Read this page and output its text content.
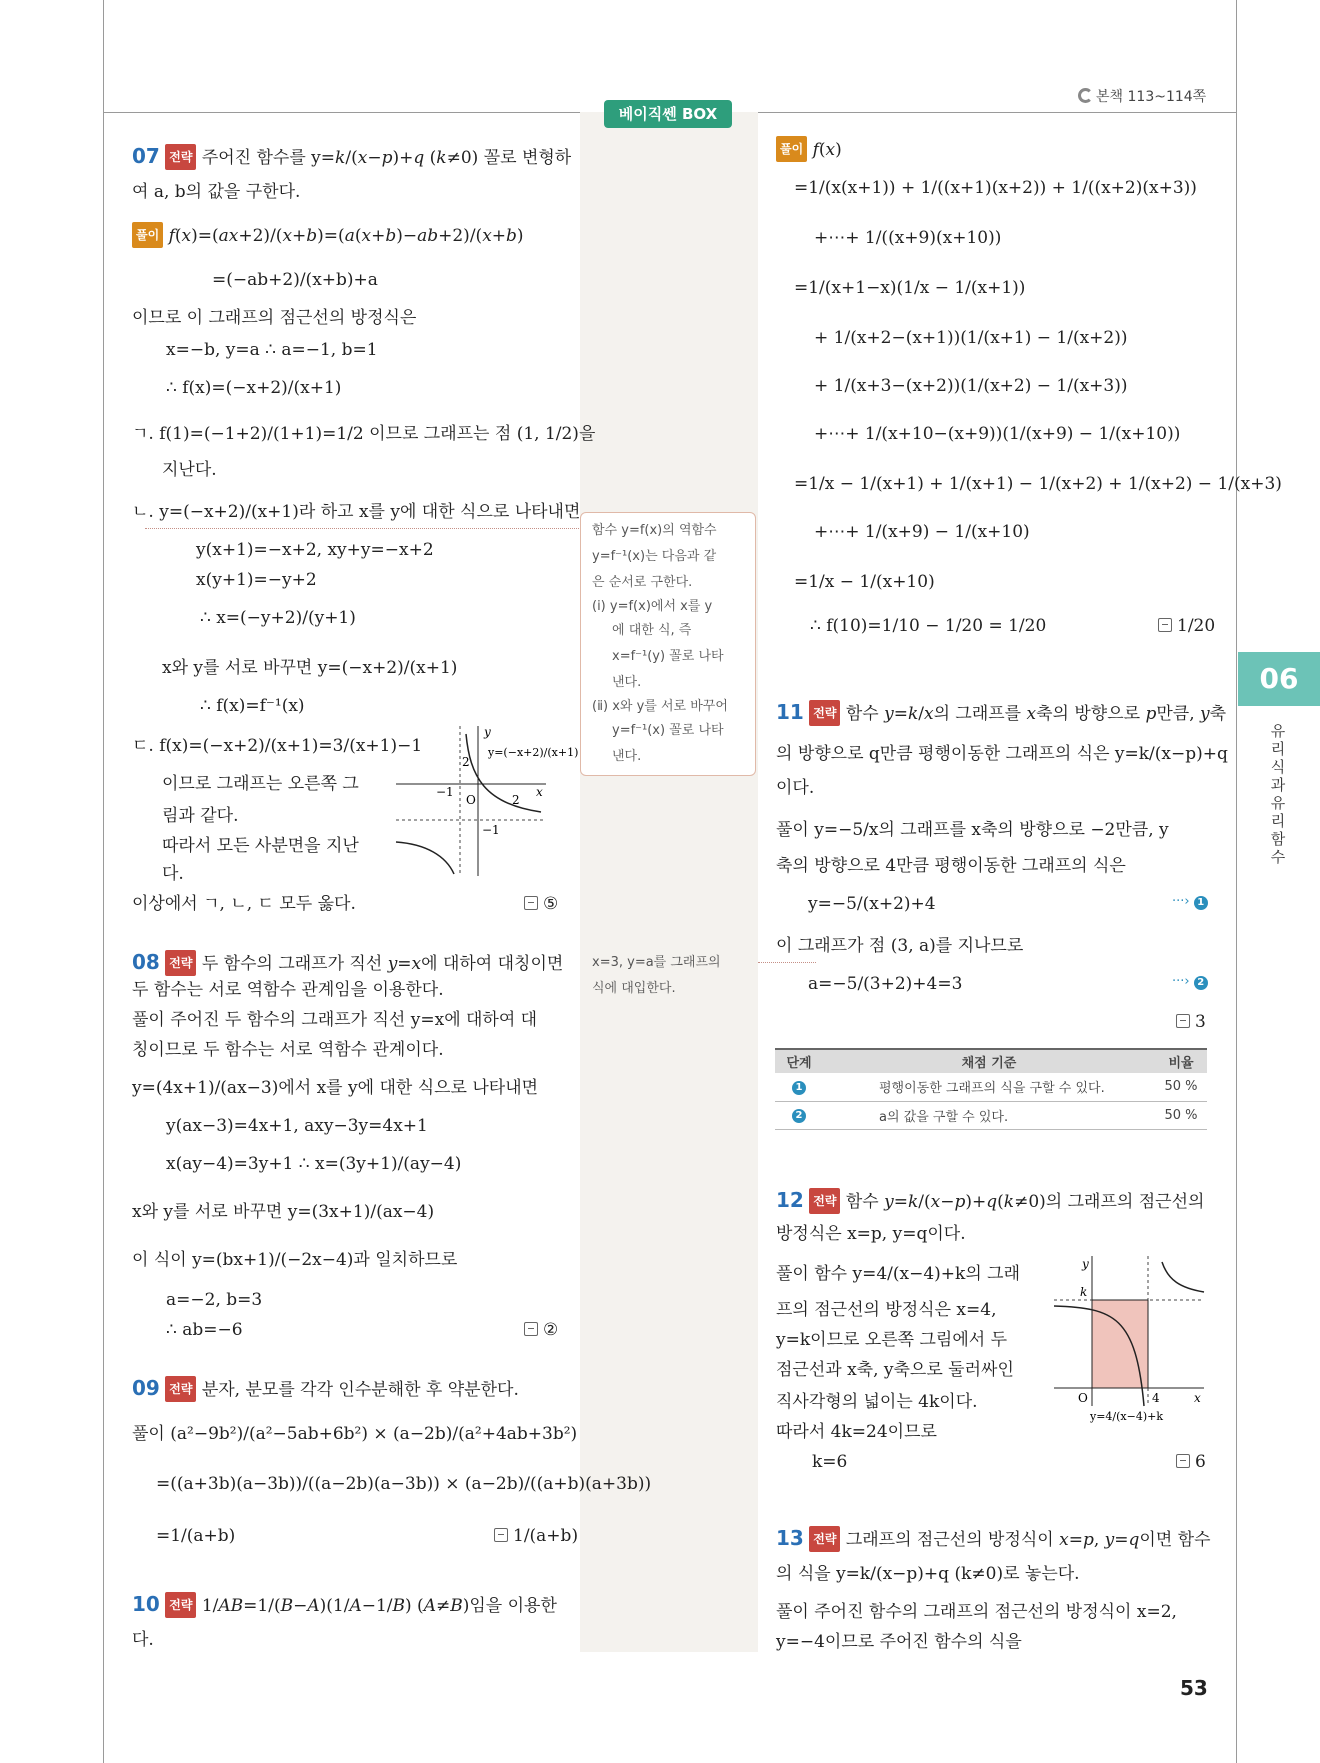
본책 113~114쪽
베이직쎈 BOX
07 전략 주어진 함수를 y=k/(x−p)+q (k≠0) 꼴로 변형하
여 a, b의 값을 구한다.
풀이 f(x)=(ax+2)/(x+b)=(a(x+b)−ab+2)/(x+b)
=(−ab+2)/(x+b)+a
이므로 이 그래프의 점근선의 방정식은
x=−b, y=a ∴ a=−1, b=1
∴ f(x)=(−x+2)/(x+1)
ㄱ. f(1)=(−1+2)/(1+1)=1/2 이므로 그래프는 점 (1, 1/2)을
지난다.
ㄴ. y=(−x+2)/(x+1)라 하고 x를 y에 대한 식으로 나타내면
y(x+1)=−x+2, xy+y=−x+2
x(y+1)=−y+2
∴ x=(−y+2)/(y+1)
x와 y를 서로 바꾸면 y=(−x+2)/(x+1)
∴ f(x)=f⁻¹(x)
ㄷ. f(x)=(−x+2)/(x+1)=3/(x+1)−1
이므로 그래프는 오른쪽 그
림과 같다.
따라서 모든 사분면을 지난
다.
이상에서 ㄱ, ㄴ, ㄷ 모두 옳다.	⑤
y
x
2
−1
O	2
−1
y=(−x+2)/(x+1)
08 전략 두 함수의 그래프가 직선 y=x에 대하여 대칭이면
두 함수는 서로 역함수 관계임을 이용한다.
풀이 주어진 두 함수의 그래프가 직선 y=x에 대하여 대
칭이므로 두 함수는 서로 역함수 관계이다.
y=(4x+1)/(ax−3)에서 x를 y에 대한 식으로 나타내면
y(ax−3)=4x+1, axy−3y=4x+1
x(ay−4)=3y+1 ∴ x=(3y+1)/(ay−4)
x와 y를 서로 바꾸면 y=(3x+1)/(ax−4)
이 식이 y=(bx+1)/(−2x−4)과 일치하므로
a=−2, b=3
∴ ab=−6	②
09 전략 분자, 분모를 각각 인수분해한 후 약분한다.
풀이 (a²−9b²)/(a²−5ab+6b²) × (a−2b)/(a²+4ab+3b²)
=((a+3b)(a−3b))/((a−2b)(a−3b)) × (a−2b)/((a+b)(a+3b))
=1/(a+b)	1/(a+b)
10 전략 1/AB=1/(B−A)(1/A−1/B) (A≠B)임을 이용한
다.
함수 y=f(x)의 역함수
y=f⁻¹(x)는 다음과 같
은 순서로 구한다.
(ⅰ) y=f(x)에서 x를 y
에 대한 식, 즉
x=f⁻¹(y) 꼴로 나타
낸다.
(ⅱ) x와 y를 서로 바꾸어
y=f⁻¹(x) 꼴로 나타
낸다.
x=3, y=a를 그래프의
식에 대입한다.
풀이 f(x)
=1/(x(x+1)) + 1/((x+1)(x+2)) + 1/((x+2)(x+3))
+⋯+ 1/((x+9)(x+10))
=1/(x+1−x)(1/x − 1/(x+1))
+ 1/(x+2−(x+1))(1/(x+1) − 1/(x+2))
+ 1/(x+3−(x+2))(1/(x+2) − 1/(x+3))
+⋯+ 1/(x+10−(x+9))(1/(x+9) − 1/(x+10))
=1/x − 1/(x+1) + 1/(x+1) − 1/(x+2) + 1/(x+2) − 1/(x+3)
+⋯+ 1/(x+9) − 1/(x+10)
=1/x − 1/(x+10)
∴ f(10)=1/10 − 1/20 = 1/20	1/20
11 전략 함수 y=k/x의 그래프를 x축의 방향으로 p만큼, y축
의 방향으로 q만큼 평행이동한 그래프의 식은 y=k/(x−p)+q
이다.
풀이 y=−5/x의 그래프를 x축의 방향으로 −2만큼, y
축의 방향으로 4만큼 평행이동한 그래프의 식은
y=−5/(x+2)+4	···› 1
이 그래프가 점 (3, a)를 지나므로
a=−5/(3+2)+4=3	···› 2
3
단계	채점 기준	비율
1	평행이동한 그래프의 식을 구할 수 있다.	50 %
2	a의 값을 구할 수 있다.	50 %
12 전략 함수 y=k/(x−p)+q(k≠0)의 그래프의 점근선의
방정식은 x=p, y=q이다.
풀이 함수 y=4/(x−4)+k의 그래
프의 점근선의 방정식은 x=4,
y=k이므로 오른쪽 그림에서 두
점근선과 x축, y축으로 둘러싸인
직사각형의 넓이는 4k이다.
따라서 4k=24이므로
k=6	6
y
k
O	4	x
y=4/(x−4)+k
13 전략 그래프의 점근선의 방정식이 x=p, y=q이면 함수
의 식을 y=k/(x−p)+q (k≠0)로 놓는다.
풀이 주어진 함수의 그래프의 점근선의 방정식이 x=2,
y=−4이므로 주어진 함수의 식을
06
유리식과 유리함수
53
